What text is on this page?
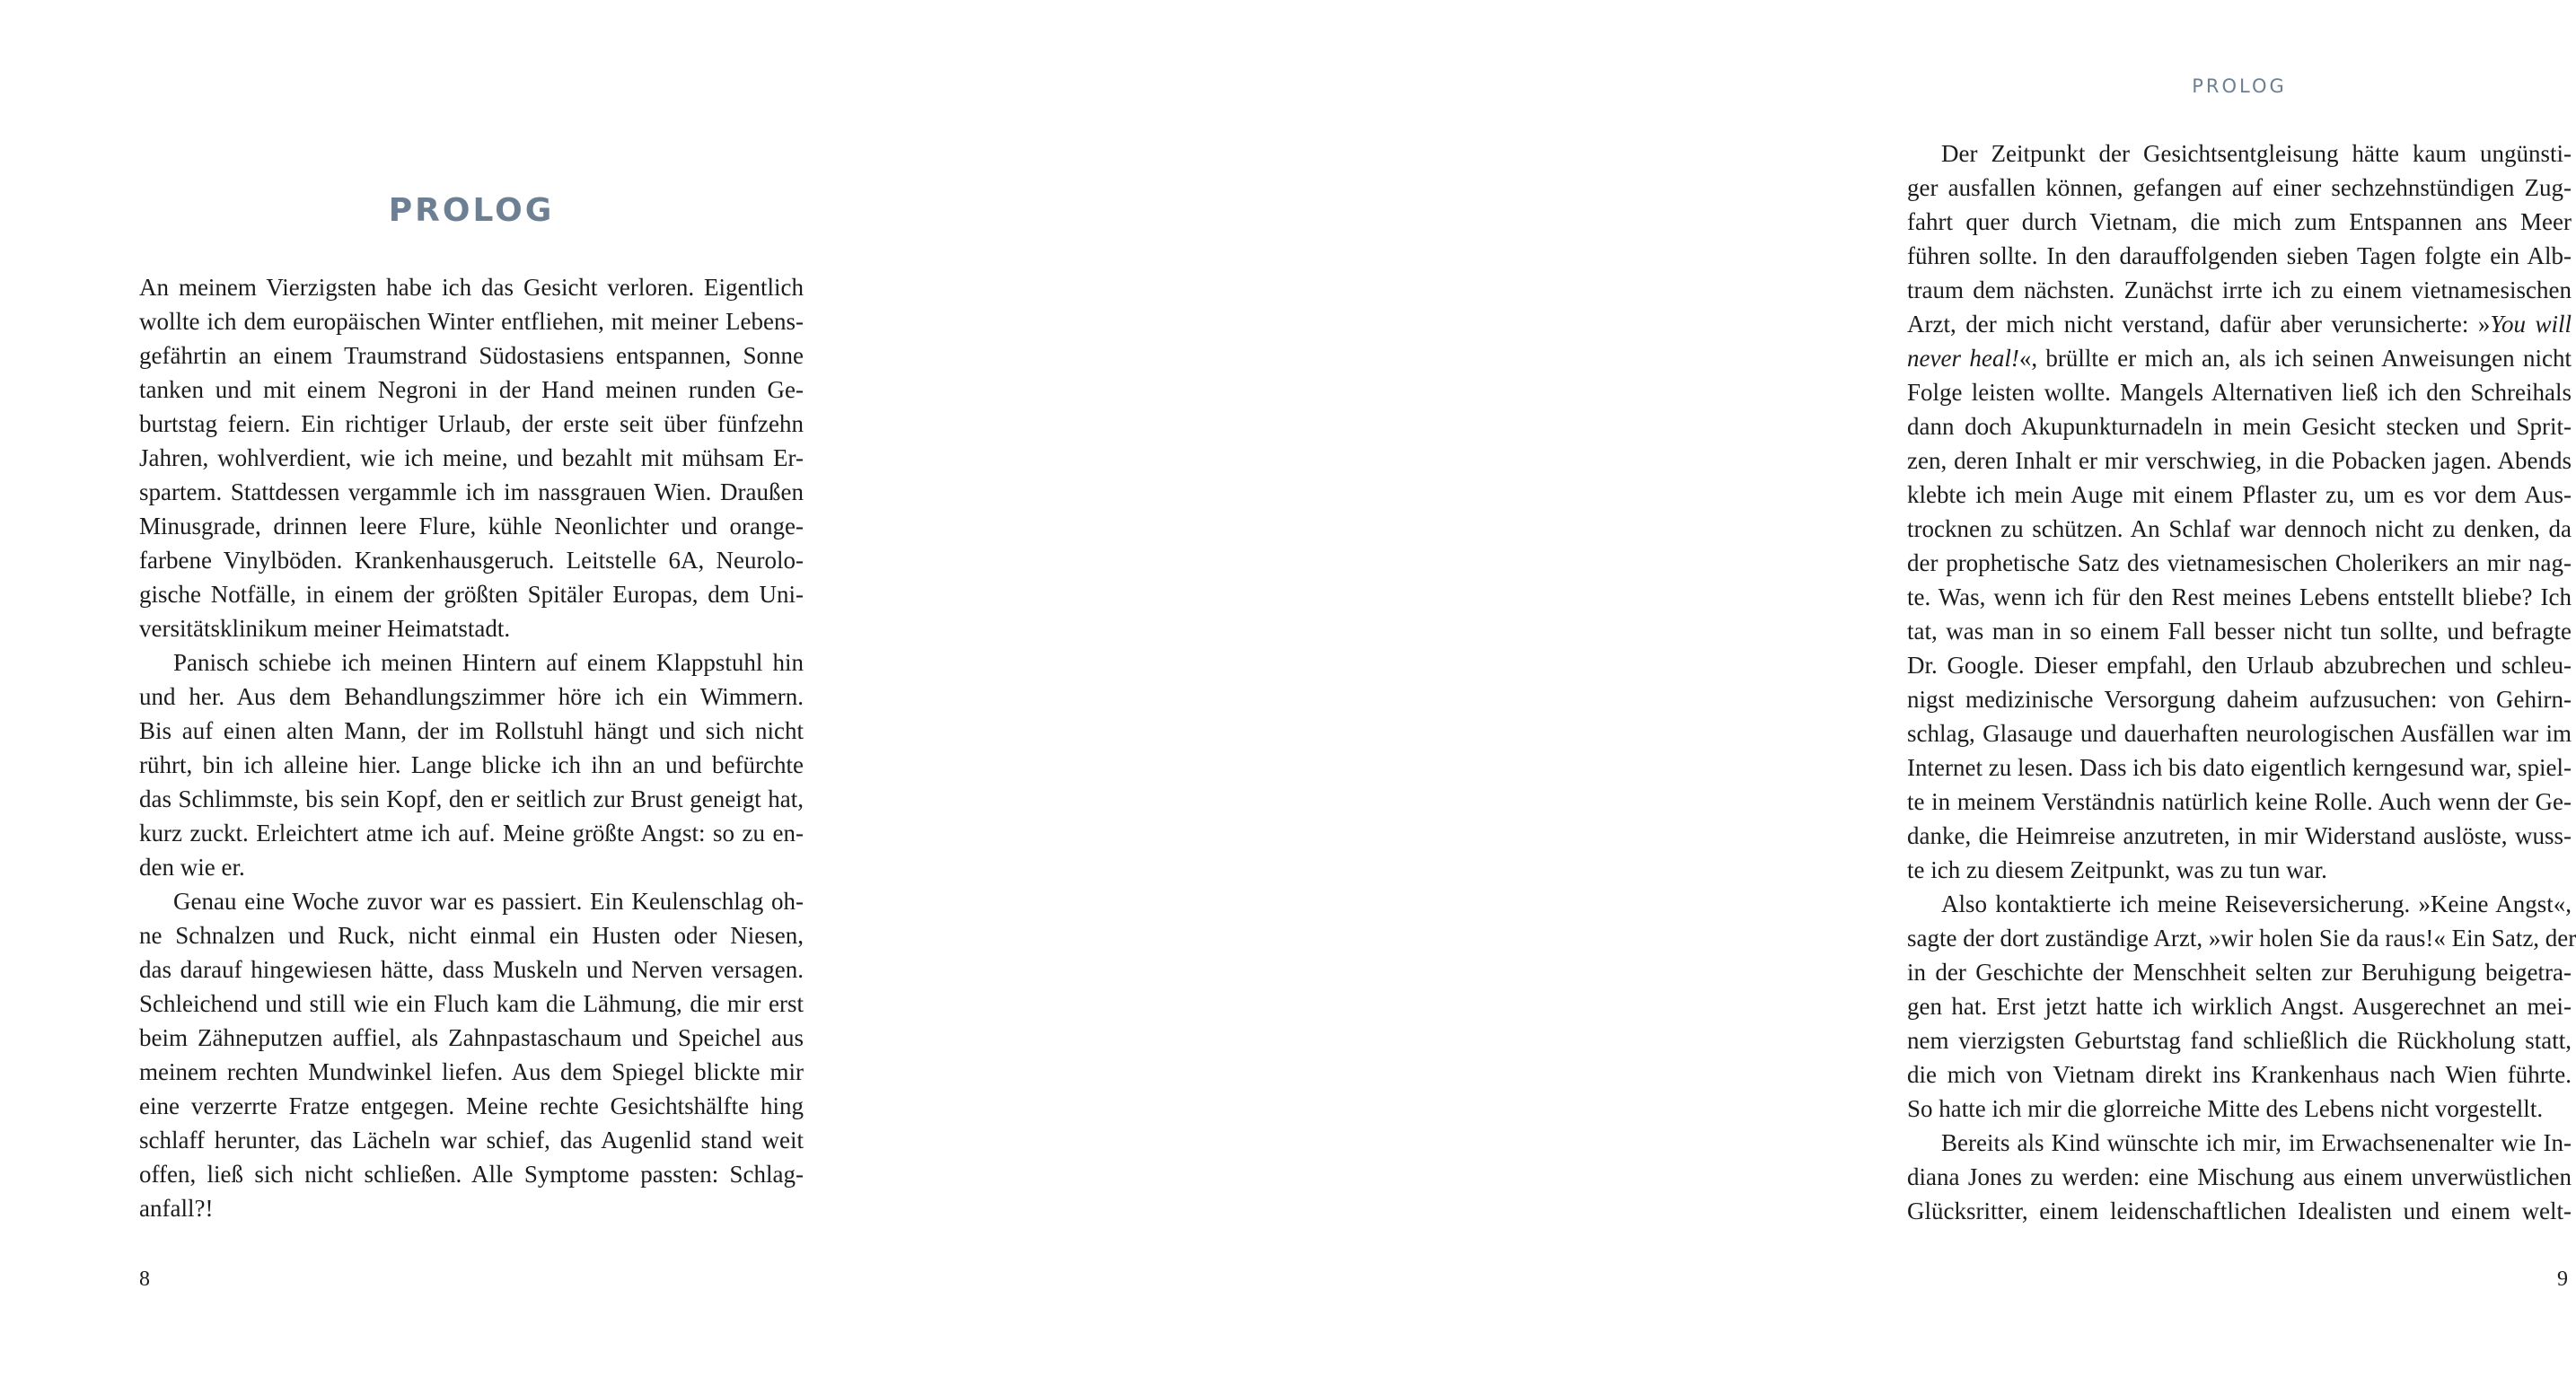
PROLOG
An meinem Vierzigsten habe ich das Gesicht verloren. Eigentlich
wollte ich dem europäischen Winter entfliehen, mit meiner Lebens-
gefährtin an einem Traumstrand Südostasiens entspannen, Sonne
tanken und mit einem Negroni in der Hand meinen runden Ge-
burtstag feiern. Ein richtiger Urlaub, der erste seit über fünfzehn
Jahren, wohlverdient, wie ich meine, und bezahlt mit mühsam Er-
spartem. Stattdessen vergammle ich im nassgrauen Wien. Draußen
Minusgrade, drinnen leere Flure, kühle Neonlichter und orange-
farbene Vinylböden. Krankenhausgeruch. Leitstelle 6A, Neurolo-
gische Notfälle, in einem der größten Spitäler Europas, dem Uni-
versitätsklinikum meiner Heimatstadt.
Panisch schiebe ich meinen Hintern auf einem Klappstuhl hin
und her. Aus dem Behandlungszimmer höre ich ein Wimmern.
Bis auf einen alten Mann, der im Rollstuhl hängt und sich nicht
rührt, bin ich alleine hier. Lange blicke ich ihn an und befürchte
das Schlimmste, bis sein Kopf, den er seitlich zur Brust geneigt hat,
kurz zuckt. Erleichtert atme ich auf. Meine größte Angst: so zu en-
den wie er.
Genau eine Woche zuvor war es passiert. Ein Keulenschlag oh-
ne Schnalzen und Ruck, nicht einmal ein Husten oder Niesen,
das darauf hingewiesen hätte, dass Muskeln und Nerven versagen.
Schleichend und still wie ein Fluch kam die Lähmung, die mir erst
beim Zähneputzen auffiel, als Zahnpastaschaum und Speichel aus
meinem rechten Mundwinkel liefen. Aus dem Spiegel blickte mir
eine verzerrte Fratze entgegen. Meine rechte Gesichtshälfte hing
schlaff herunter, das Lächeln war schief, das Augenlid stand weit
offen, ließ sich nicht schließen. Alle Symptome passten: Schlag-
anfall?!

8

PROLOG

Der Zeitpunkt der Gesichtsentgleisung hätte kaum ungünsti-
ger ausfallen können, gefangen auf einer sechzehnstündigen Zug-
fahrt quer durch Vietnam, die mich zum Entspannen ans Meer
führen sollte. In den darauffolgenden sieben Tagen folgte ein Alb-
traum dem nächsten. Zunächst irrte ich zu einem vietnamesischen
Arzt, der mich nicht verstand, dafür aber verunsicherte: »You will
never heal!«, brüllte er mich an, als ich seinen Anweisungen nicht
Folge leisten wollte. Mangels Alternativen ließ ich den Schreihals
dann doch Akupunkturnadeln in mein Gesicht stecken und Sprit-
zen, deren Inhalt er mir verschwieg, in die Pobacken jagen. Abends
klebte ich mein Auge mit einem Pflaster zu, um es vor dem Aus-
trocknen zu schützen. An Schlaf war dennoch nicht zu denken, da
der prophetische Satz des vietnamesischen Cholerikers an mir nag-
te. Was, wenn ich für den Rest meines Lebens entstellt bliebe? Ich
tat, was man in so einem Fall besser nicht tun sollte, und befragte
Dr. Google. Dieser empfahl, den Urlaub abzubrechen und schleu-
nigst medizinische Versorgung daheim aufzusuchen: von Gehirn-
schlag, Glasauge und dauerhaften neurologischen Ausfällen war im
Internet zu lesen. Dass ich bis dato eigentlich kerngesund war, spiel-
te in meinem Verständnis natürlich keine Rolle. Auch wenn der Ge-
danke, die Heimreise anzutreten, in mir Widerstand auslöste, wuss-
te ich zu diesem Zeitpunkt, was zu tun war.
Also kontaktierte ich meine Reiseversicherung. »Keine Angst«,
sagte der dort zuständige Arzt, »wir holen Sie da raus!« Ein Satz, der
in der Geschichte der Menschheit selten zur Beruhigung beigetra-
gen hat. Erst jetzt hatte ich wirklich Angst. Ausgerechnet an mei-
nem vierzigsten Geburtstag fand schließlich die Rückholung statt,
die mich von Vietnam direkt ins Krankenhaus nach Wien führte.
So hatte ich mir die glorreiche Mitte des Lebens nicht vorgestellt.
Bereits als Kind wünschte ich mir, im Erwachsenenalter wie In-
diana Jones zu werden: eine Mischung aus einem unverwüstlichen
Glücksritter, einem leidenschaftlichen Idealisten und einem welt-

9
